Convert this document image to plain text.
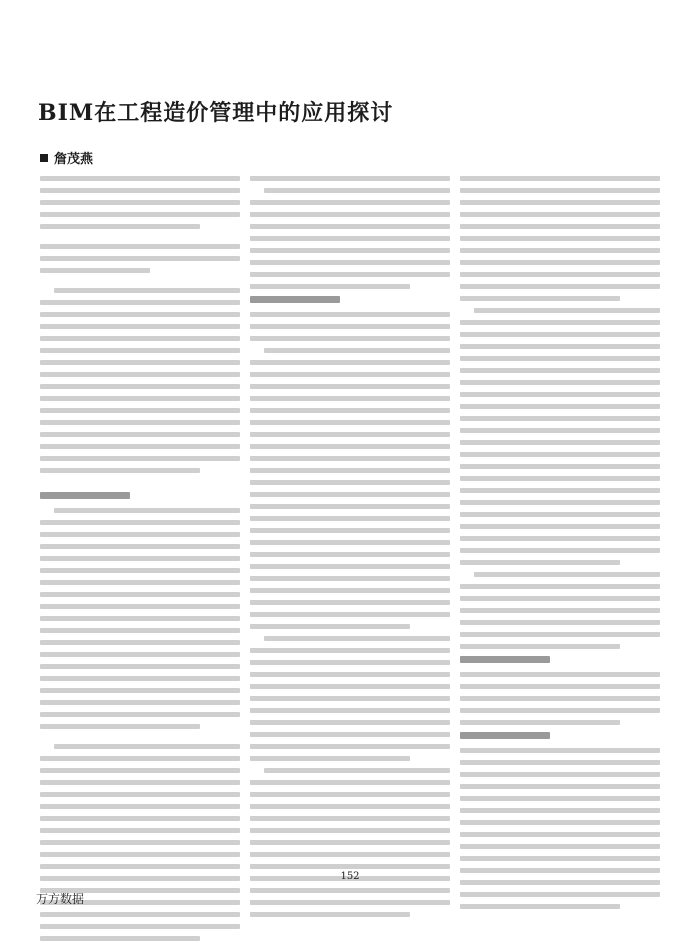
BIM在工程造价管理中的应用探讨
詹茂燕
152
万方数据
